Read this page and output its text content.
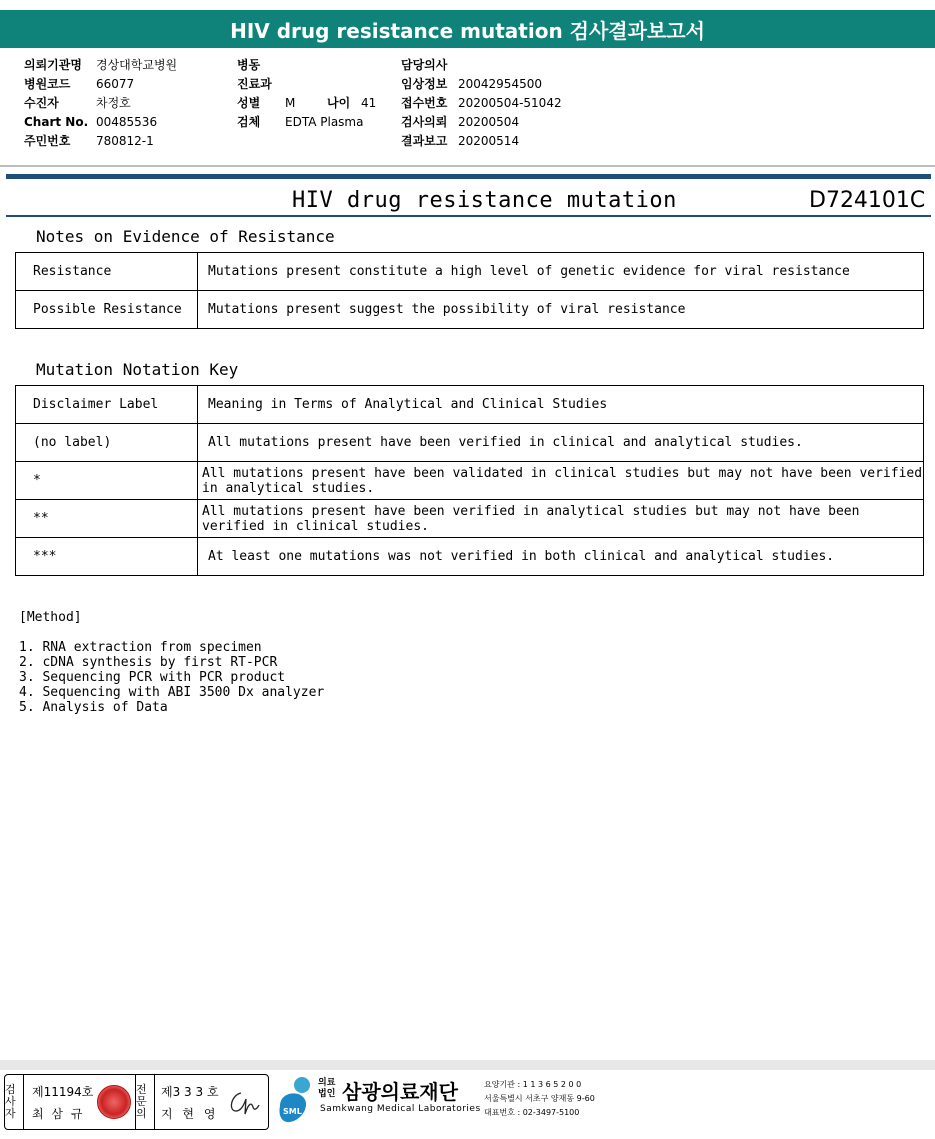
HIV drug resistance mutation 검사결과보고서
의뢰기관명 경상대학교병원
병원코드 66077
수진자	차정호
Chart No. 00485536
주민번호 780812-1
병동
진료과
성별 M	나이 41
검체 EDTA Plasma
담당의사
임상정보 20042954500
접수번호 20200504-51042
검사의뢰 20200504
결과보고 20200514
HIV drug resistance mutation	D724101C
Notes on Evidence of Resistance
Resistance	Mutations present constitute a high level of genetic evidence for viral resistance
Possible Resistance	Mutations present suggest the possibility of viral resistance
Mutation Notation Key
Disclaimer Label	Meaning in Terms of Analytical and Clinical Studies
(no label)	All mutations present have been verified in clinical and analytical studies.
*	All mutations present have been validated in clinical studies but may not have been verified in analytical studies.
**	All mutations present have been verified in analytical studies but may not have been verified in clinical studies.
***	At least one mutations was not verified in both clinical and analytical studies.
[Method]
1. RNA extraction from specimen
2. cDNA synthesis by first RT-PCR
3. Sequencing PCR with PCR product
4. Sequencing with ABI 3500 Dx analyzer
5. Analysis of Data
검사자
제11194호
최 삼 규
전문의
제3 3 3 호
지 현 영	SML
의료법인 삼광의료재단
Samkwang Medical Laboratories
요양기관 : 1 1 3 6 5 2 0 0
서울특별시 서초구 양재동 9-60
대표번호 : 02-3497-5100
